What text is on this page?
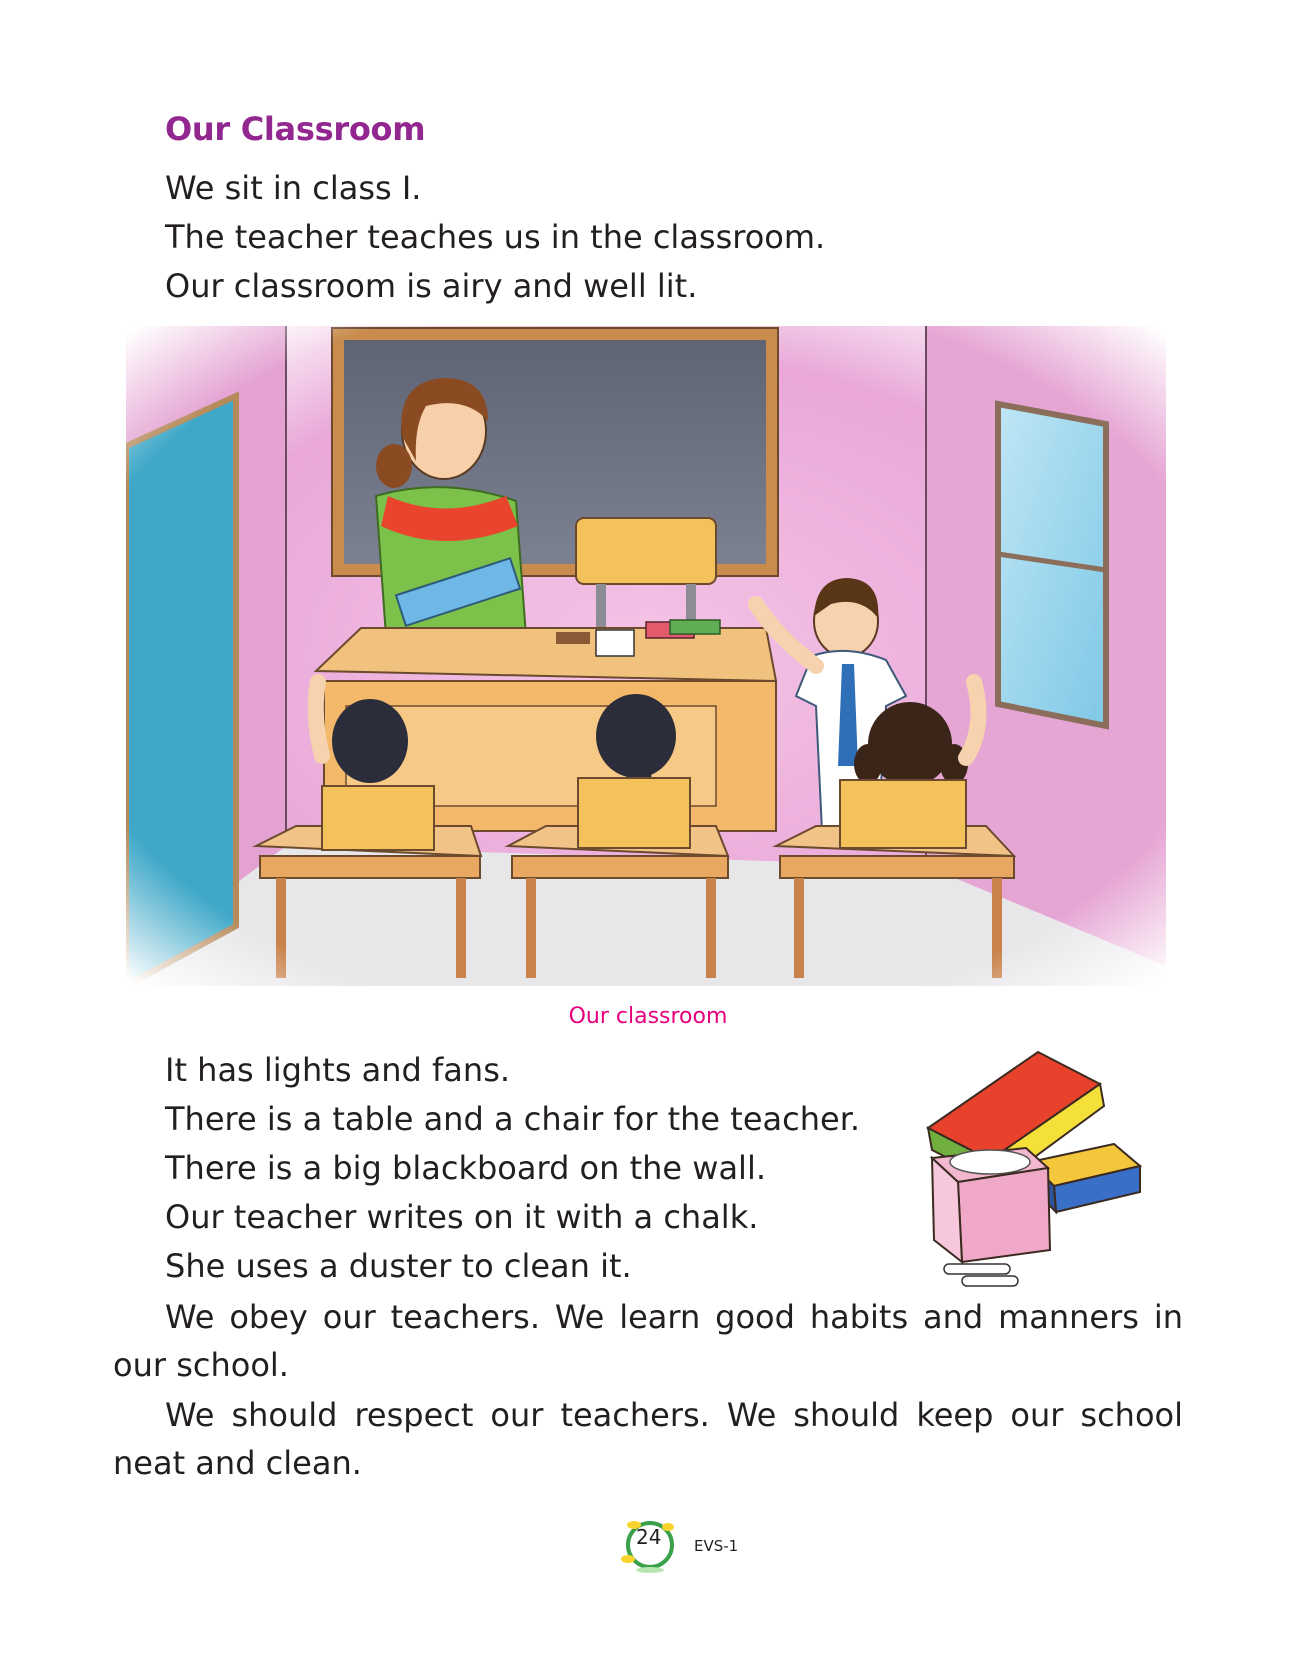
Our Classroom
We sit in class I.
The teacher teaches us in the classroom.
Our classroom is airy and well lit.
Our classroom
It has lights and fans.
There is a table and a chair for the teacher.
There is a big blackboard on the wall.
Our teacher writes on it with a chalk.
She uses a duster to clean it.
We obey our teachers. We learn good habits and manners in our school.
We should respect our teachers. We should keep our school neat and clean.
24 EVS-1
